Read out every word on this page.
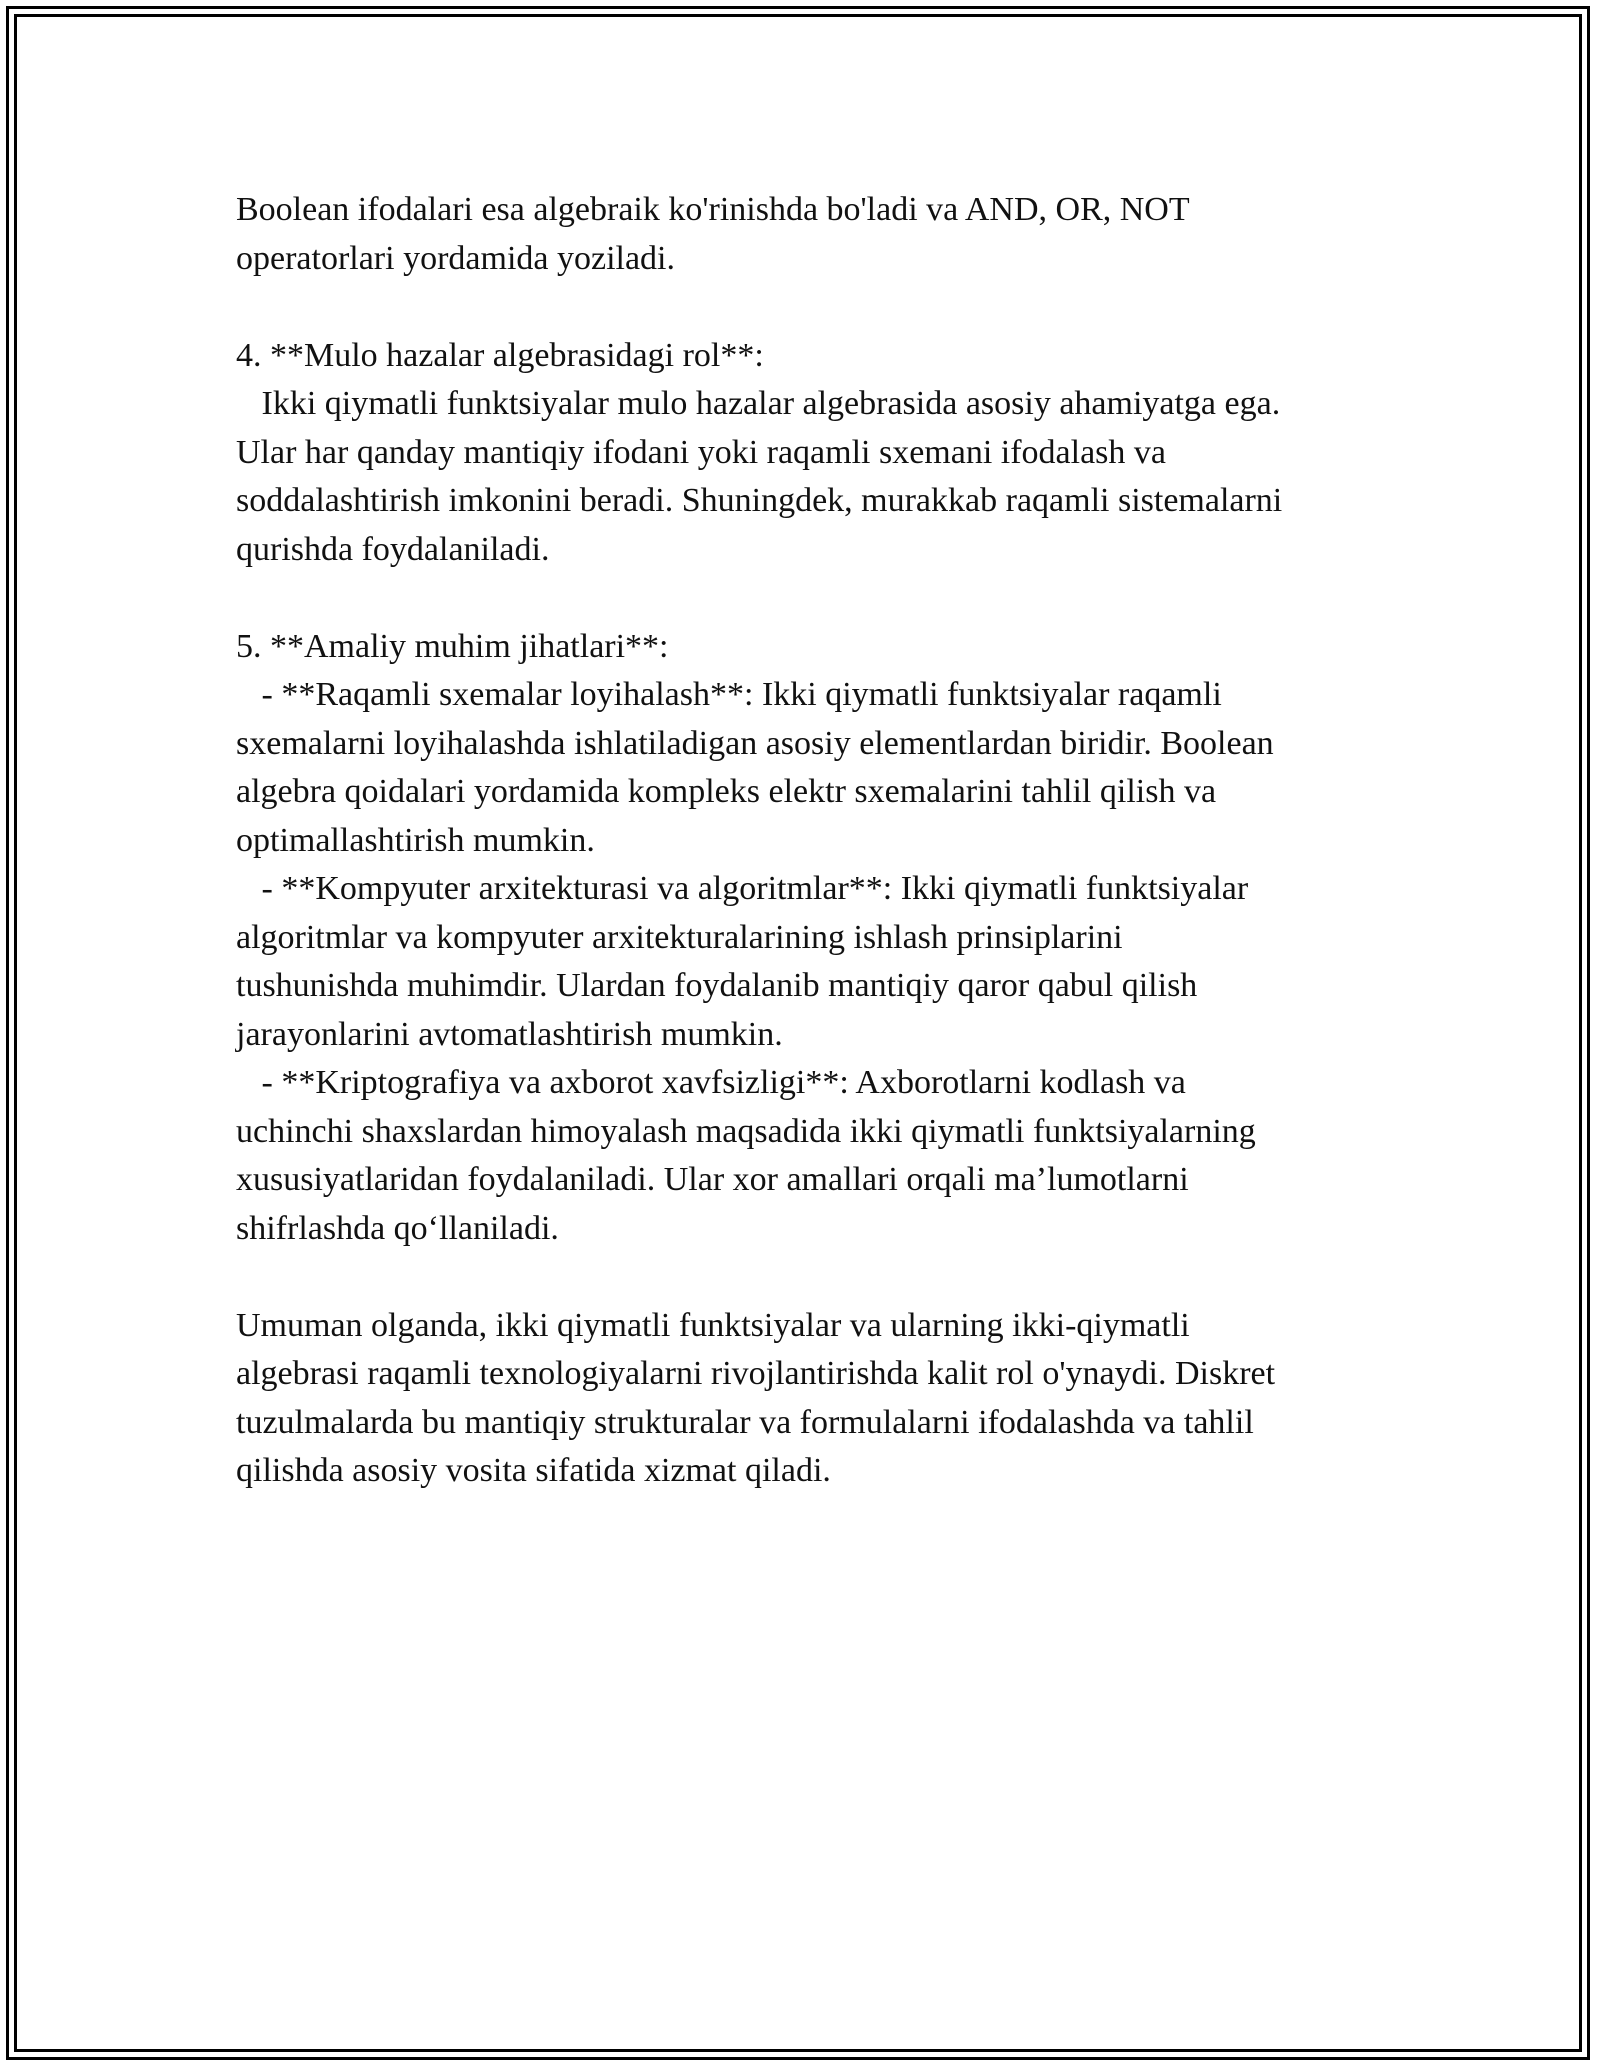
Boolean ifodalari esa algebraik ko'rinishda bo'ladi va AND, OR, NOT
operatorlari yordamida yoziladi.
4. **Mulo hazalar algebrasidagi rol**:
Ikki qiymatli funktsiyalar mulo hazalar algebrasida asosiy ahamiyatga ega.
Ular har qanday mantiqiy ifodani yoki raqamli sxemani ifodalash va
soddalashtirish imkonini beradi. Shuningdek, murakkab raqamli sistemalarni
qurishda foydalaniladi.
5. **Amaliy muhim jihatlari**:
- **Raqamli sxemalar loyihalash**: Ikki qiymatli funktsiyalar raqamli
sxemalarni loyihalashda ishlatiladigan asosiy elementlardan biridir. Boolean
algebra qoidalari yordamida kompleks elektr sxemalarini tahlil qilish va
optimallashtirish mumkin.
- **Kompyuter arxitekturasi va algoritmlar**: Ikki qiymatli funktsiyalar
algoritmlar va kompyuter arxitekturalarining ishlash prinsiplarini
tushunishda muhimdir. Ulardan foydalanib mantiqiy qaror qabul qilish
jarayonlarini avtomatlashtirish mumkin.
- **Kriptografiya va axborot xavfsizligi**: Axborotlarni kodlash va
uchinchi shaxslardan himoyalash maqsadida ikki qiymatli funktsiyalarning
xususiyatlaridan foydalaniladi. Ular xor amallari orqali ma’lumotlarni
shifrlashda qo‘llaniladi.
Umuman olganda, ikki qiymatli funktsiyalar va ularning ikki-qiymatli
algebrasi raqamli texnologiyalarni rivojlantirishda kalit rol o'ynaydi. Diskret
tuzulmalarda bu mantiqiy strukturalar va formulalarni ifodalashda va tahlil
qilishda asosiy vosita sifatida xizmat qiladi.
